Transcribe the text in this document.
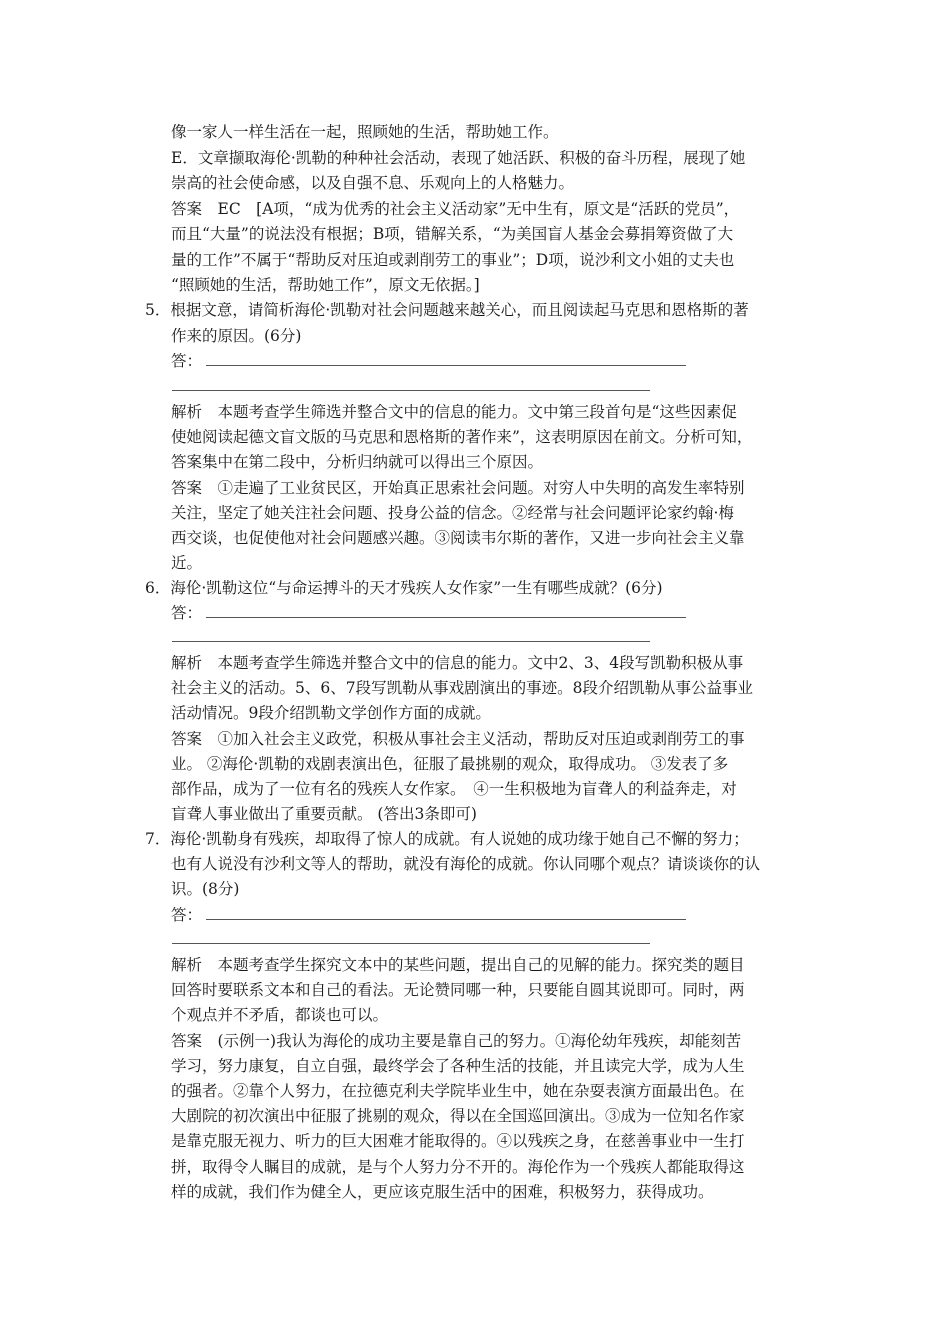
像一家人一样生活在一起，照顾她的生活，帮助她工作。
E．文章撷取海伦·凯勒的种种社会活动，表现了她活跃、积极的奋斗历程，展现了她
崇高的社会使命感，以及自强不息、乐观向上的人格魅力。
答案　EC　[A项，“成为优秀的社会主义活动家”无中生有，原文是“活跃的党员”，
而且“大量”的说法没有根据；B项，错解关系，“为美国盲人基金会募捐筹资做了大
量的工作”不属于“帮助反对压迫或剥削劳工的事业”；D项，说沙利文小姐的丈夫也
“照顾她的生活，帮助她工作”，原文无依据。]
5．根据文意，请简析海伦·凯勒对社会问题越来越关心，而且阅读起马克思和恩格斯的著
作来的原因。(6分)
答：
解析　本题考查学生筛选并整合文中的信息的能力。文中第三段首句是“这些因素促
使她阅读起德文盲文版的马克思和恩格斯的著作来”，这表明原因在前文。分析可知，
答案集中在第二段中，分析归纳就可以得出三个原因。
答案　①走遍了工业贫民区，开始真正思索社会问题。对穷人中失明的高发生率特别
关注，坚定了她关注社会问题、投身公益的信念。②经常与社会问题评论家约翰·梅
西交谈，也促使他对社会问题感兴趣。③阅读韦尔斯的著作，又进一步向社会主义靠
近。
6．海伦·凯勒这位“与命运搏斗的天才残疾人女作家”一生有哪些成就？(6分)
答：
解析　本题考查学生筛选并整合文中的信息的能力。文中2、3、4段写凯勒积极从事
社会主义的活动。5、6、7段写凯勒从事戏剧演出的事迹。8段介绍凯勒从事公益事业
活动情况。9段介绍凯勒文学创作方面的成就。
答案　①加入社会主义政党，积极从事社会主义活动，帮助反对压迫或剥削劳工的事
业。 ②海伦·凯勒的戏剧表演出色，征服了最挑剔的观众，取得成功。 ③发表了多
部作品，成为了一位有名的残疾人女作家。　④一生积极地为盲聋人的利益奔走，对
盲聋人事业做出了重要贡献。 (答出3条即可)
7．海伦·凯勒身有残疾，却取得了惊人的成就。有人说她的成功缘于她自己不懈的努力；
也有人说没有沙利文等人的帮助，就没有海伦的成就。你认同哪个观点？请谈谈你的认
识。(8分)
答：
解析　本题考查学生探究文本中的某些问题，提出自己的见解的能力。探究类的题目
回答时要联系文本和自己的看法。无论赞同哪一种，只要能自圆其说即可。同时，两
个观点并不矛盾，都谈也可以。
答案　(示例一)我认为海伦的成功主要是靠自己的努力。①海伦幼年残疾，却能刻苦
学习，努力康复，自立自强，最终学会了各种生活的技能，并且读完大学，成为人生
的强者。②靠个人努力，在拉德克利夫学院毕业生中，她在杂耍表演方面最出色。在
大剧院的初次演出中征服了挑剔的观众，得以在全国巡回演出。③成为一位知名作家
是靠克服无视力、听力的巨大困难才能取得的。④以残疾之身，在慈善事业中一生打
拼，取得令人瞩目的成就，是与个人努力分不开的。海伦作为一个残疾人都能取得这
样的成就，我们作为健全人，更应该克服生活中的困难，积极努力，获得成功。
